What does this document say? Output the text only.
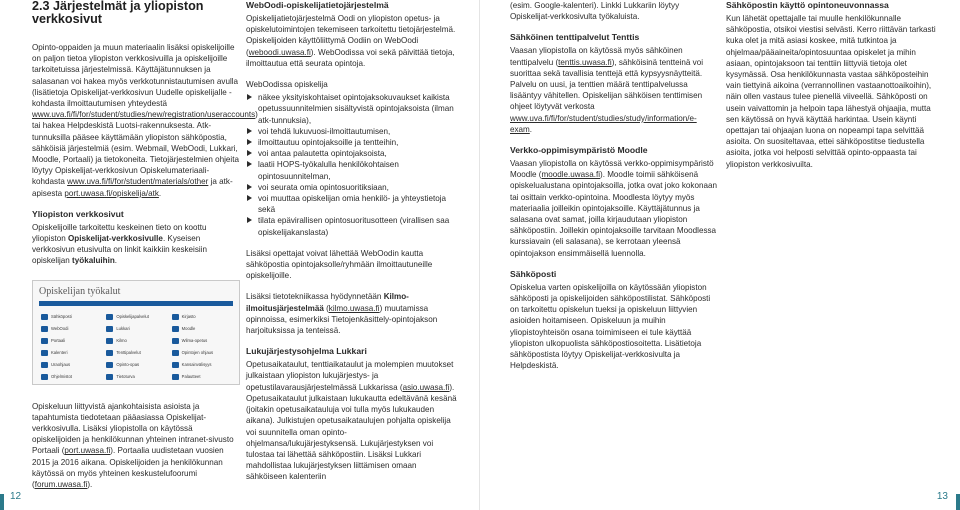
2.3 Järjestelmät ja yliopiston verkkosivut

Opinto-oppaiden ja muun materiaalin lisäksi opiskelijoille on paljon tietoa yliopiston verkkosivuilla ja opiskelijoille tarkoitetuissa järjestelmissä. Käyttäjätunnuksen ja salasanan voi hakea myös verkkotunnistautumisen avulla (lisätietoja Opiskelijat-verkkosivun Uudelle opiskelijalle -kohdasta ilmoittautumisen yhteydestä www.uva.fi/fi/for/student/studies/new/registration/useraccounts) tai hakea Helpdeskistä Luotsi-rakennuksesta. Atk-tunnuksilla pääsee käyttämään yliopiston sähköpostia, sähköisiä järjestelmiä (esim. Webmail, WebOodi, Lukkari, Moodle, Portaali) ja tietokoneita. Tietojärjestelmien ohjeita löytyy Opiskelijat-verkkosivun Opiskelumateriaali-kohdasta www.uva.fi/fi/for/student/materials/other ja atk-apisesta port.uwasa.fi/opiskelija/atk.

Yliopiston verkkosivut

Opiskelijoille tarkoitettu keskeinen tieto on koottu yliopiston Opiskelijat-verkkosivulle. Kyseisen verkkosivun etusivulta on linkit kaikkiin keskeisiin opiskelijan työkaluihin.

Opiskelijan työkalut
Sähköposti	Opiskelijapalvelut	Kirjasto
WebOodi	Lukkari	Moodle
Portaali	Kilmo	Wilma-opetus
Kalenteri	Tenttipalvelut	Opintojen ohjaus
Uraohjaus	Opinto-opas	Kansainvälisyys
Ohjelmistot	Tietoturva	Palautteet

Opiskeluun liittyvistä ajankohtaisista asioista ja tapahtumista tiedotetaan pääasiassa Opiskelijat-verkkosivulla. Lisäksi yliopistolla on käytössä opiskelijoiden ja henkilökunnan yhteinen intranet-sivusto Portaali (port.uwasa.fi). Portaalia uudistetaan vuosien 2015 ja 2016 aikana. Opiskelijoiden ja henkilökunnan käytössä on myös yhteinen keskustelufoorumi (forum.uwasa.fi).

WebOodi-opiskelijatietojärjestelmä

Opiskelijatietojärjestelmä Oodi on yliopiston opetus- ja opiskelutoimintojen tekemiseen tarkoitettu tietojärjestelmä. Opiskelijoiden käyttöliittymä Oodiin on WebOodi (weboodi.uwasa.fi). WebOodissa voi sekä päivittää tietoja, ilmoittautua että seurata opintoja.

WebOodissa opiskelija
näkee yksityiskohtaiset opintojaksokuvaukset kaikista opetussuunnitelmien sisältyvistä opintojaksoista (ilman atk-tunnuksia),
voi tehdä lukuvuosi-ilmoittautumisen,
ilmoittautuu opintojaksoille ja tentteihin,
voi antaa palautetta opintojaksoista,
laatii HOPS-työkalulla henkilökohtaisen opintosuunnitelman,
voi seurata omia opintosuoritiksiaan,
voi muuttaa opiskelijan omia henkilö- ja yhteystietoja sekä
tilata epävirallisen opintosuoritusotteen (virallisen saa opiskelijakanslasta)

Lisäksi opettajat voivat lähettää WebOodin kautta sähköpostia opintojaksolle/ryhmään ilmoittautuneille opiskelijoille.

Lisäksi tietotekniikassa hyödynnetään Kilmo-ilmoitusjärjestelmää (kilmo.uwasa.fi) muutamissa opinnoissa, esimerkiksi Tietojenkäsittely-opintojakson harjoituksissa ja tenteissä.

Lukujärjestysohjelma Lukkari

Opetusaikataulut, tenttiaikataulut ja molempien muutokset julkaistaan yliopiston lukujärjestys- ja opetustilavarausjärjestelmässä Lukkarissa (asio.uwasa.fi). Opetusaikataulut julkaistaan lukukautta edeltävänä kesänä (joitakin opetusaikatauluja voi tulla myös lukukauden aikana). Julkistujen opetusaikataulujen pohjalta opiskelija voi suunnitella oman opinto-ohjelmansa/lukujärjestyksensä. Lukujärjestyksen voi tulostaa tai lähettää sähköpostiin. Lisäksi Lukkari mahdollistaa lukujärjestyksen liittämisen omaan sähköiseen kalenteriin

12

(esim. Google-kalenteri). Linkki Lukkariin löytyy Opiskelijat-verkkosivulta työkaluista.

Sähköinen tenttipalvelut Tenttis

Vaasan yliopistolla on käytössä myös sähköinen tenttipalvelu (tenttis.uwasa.fi), sähköisinä tentteinä voi suorittaa sekä tavallisia tenttejä että kypsyysnäytteitä. Palvelu on uusi, ja tenttien määrä tenttipalvelussa lisääntyy vähitellen. Opiskelijan sähköisen tenttimisen ohjeet löytyvät verkosta www.uva.fi/fi/for/student/studies/study/information/e-exam.

Verkko-oppimisympäristö Moodle

Vaasan yliopistolla on käytössä verkko-oppimisympäristö Moodle (moodle.uwasa.fi). Moodle toimii sähköisenä opiskelualustana opintojaksoilla, jotka ovat joko kokonaan tai osittain verkko-opintoina. Moodlesta löytyy myös materiaalia joilleikin opintojaksoille. Käyttäjätunnus ja salasana ovat samat, joilla kirjaudutaan yliopiston sähköpostiin. Joillekin opintojaksoille tarvitaan Moodlessa kurssiavain (eli salasana), se kerrotaan yleensä opintojakson ensimmäisellä luennolla.

Sähköposti

Opiskelua varten opiskelijoilla on käytössään yliopiston sähköposti ja opiskelijoiden sähköpostilistat. Sähköposti on tarkoitettu opiskelun tueksi ja opiskeluun liittyvien asioiden hoitamiseen. Opiskeluun ja muihin yliopistoyhteisön osana toimimiseen ei tule käyttää yliopiston ulkopuolista sähköpostiosoitetta. Lisätietoja sähköpostista löytyy Opiskelijat-verkkosivulta ja Helpdeskistä.

Sähköpostin käyttö opintoneuvonnassa

Kun lähetät opettajalle tai muulle henkilökunnalle sähköpostia, otsikoi viestisi selvästi. Kerro riittävän tarkasti kuka olet ja mitä asiasi koskee, mitä tutkintoa ja ohjelmaa/pääaineita/opintosuuntaa opiskelet ja mihin asiaan, opintojaksoon tai tenttiin liittyviä tietoja olet kysymässä. Osa henkilökunnasta vastaa sähköposteihin vain tiettyinä aikoina (verrannollinen vastaanottoaikoihin), näin ollen vastaus tulee pienellä viiveellä. Sähköposti on usein vaivattomin ja helpoin tapa lähestyä ohjaajia, mutta sen käytössä on hyvä käyttää harkintaa. Usein käynti opettajan tai ohjaajan luona on nopeampi tapa selvittää asioita. On suositeltavaa, ettei sähköpostitse tiedustella asioita, jotka voi helposti selvittää opinto-oppaasta tai yliopiston verkkosivuilta.

13
